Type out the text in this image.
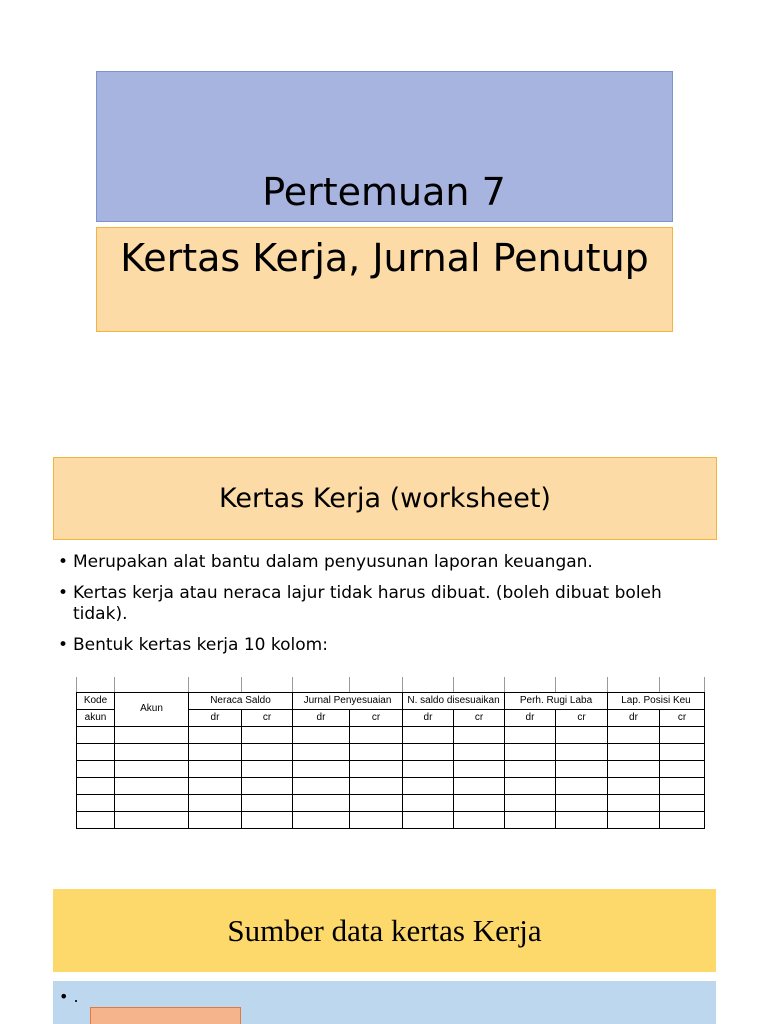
Pertemuan 7
Kertas Kerja, Jurnal Penutup
Kertas Kerja (worksheet)
• Merupakan alat bantu dalam penyusunan laporan keuangan.
• Kertas kerja atau neraca lajur tidak harus dibuat. (boleh dibuat boleh tidak).
• Bentuk kertas kerja 10 kolom:

Kode	Akun	Neraca Saldo		Jurnal Penyesuaian		N. saldo disesuaikan		Perh. Rugi Laba		Lap. Posisi Keu	
akun		dr	cr	dr	cr	dr	cr	dr	cr	dr	cr

Sumber data kertas Kerja
• .
